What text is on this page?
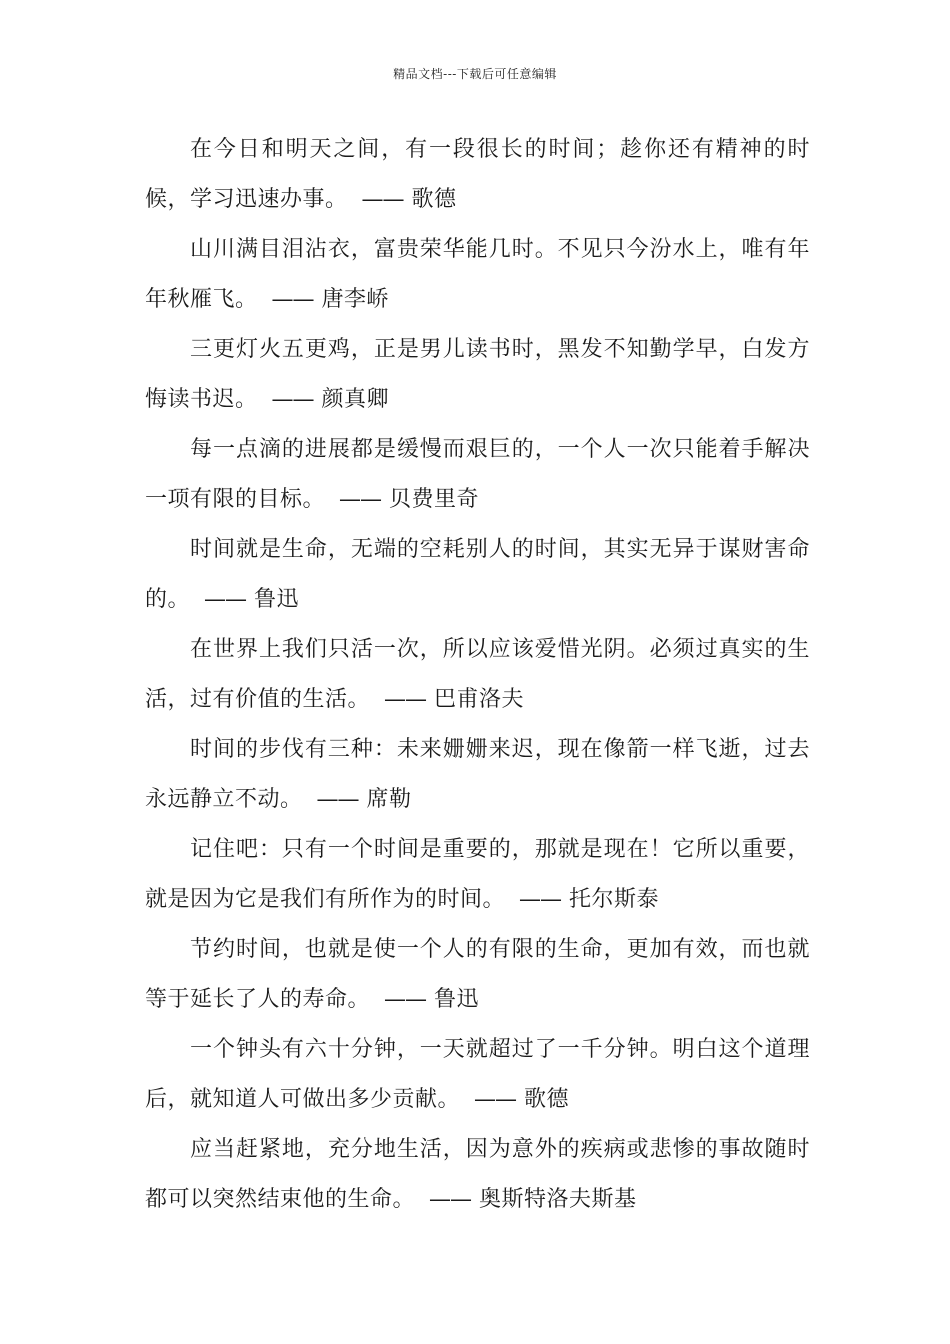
精品文档---下载后可任意编辑

在今日和明天之间，有一段很长的时间；趁你还有精神的时候，学习迅速办事。 —— 歌德

山川满目泪沾衣，富贵荣华能几时。不见只今汾水上，唯有年年秋雁飞。 —— 唐李峤

三更灯火五更鸡，正是男儿读书时，黑发不知勤学早，白发方悔读书迟。 —— 颜真卿

每一点滴的进展都是缓慢而艰巨的，一个人一次只能着手解决一项有限的目标。 —— 贝费里奇

时间就是生命，无端的空耗别人的时间，其实无异于谋财害命的。 —— 鲁迅

在世界上我们只活一次，所以应该爱惜光阴。必须过真实的生活，过有价值的生活。 —— 巴甫洛夫

时间的步伐有三种：未来姗姗来迟，现在像箭一样飞逝，过去永远静立不动。 —— 席勒

记住吧：只有一个时间是重要的，那就是现在！它所以重要，就是因为它是我们有所作为的时间。 —— 托尔斯泰

节约时间，也就是使一个人的有限的生命，更加有效，而也就等于延长了人的寿命。 —— 鲁迅

一个钟头有六十分钟，一天就超过了一千分钟。明白这个道理后，就知道人可做出多少贡献。 —— 歌德

应当赶紧地，充分地生活，因为意外的疾病或悲惨的事故随时都可以突然结束他的生命。 —— 奥斯特洛夫斯基
